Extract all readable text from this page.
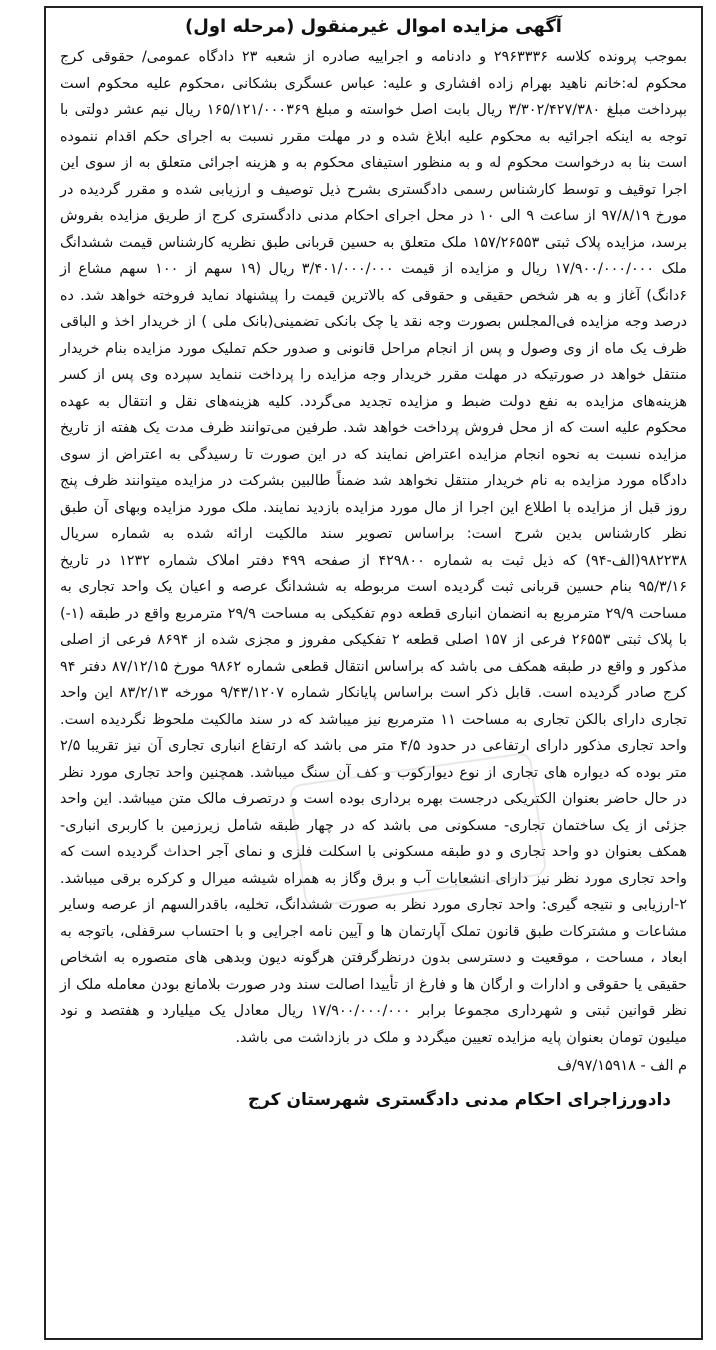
آگهی مزایده اموال غیرمنقول (مرحله اول)

بموجب پرونده کلاسه ۲۹۶۳۳۳۶ و دادنامه و اجراییه صادره از شعبه ۲۳ دادگاه عمومی/ حقوقی کرج محکوم له:خانم ناهید بهرام زاده افشاری و علیه: عباس عسگری بشکانی ،محکوم علیه محکوم است بپرداخت مبلغ ۳/۳۰۲/۴۲۷/۳۸۰ ریال بابت اصل خواسته و مبلغ ۱۶۵/۱۲۱/۰۰۰۳۶۹ ریال نیم عشر دولتی با توجه به اینکه اجرائیه به محکوم علیه ابلاغ شده و در مهلت مقرر نسبت به اجرای حکم اقدام ننموده است بنا به درخواست محکوم له و به منظور استیفای محکوم به و هزینه اجرائی متعلق به از سوی این اجرا توقیف و توسط کارشناس رسمی دادگستری بشرح ذیل توصیف و ارزیابی شده و مقرر گردیده در مورخ ۹۷/۸/۱۹ از ساعت ۹ الی ۱۰ در محل اجرای احکام مدنی دادگستری کرج از طریق مزایده بفروش برسد، مزایده پلاک ثبتی ۱۵۷/۲۶۵۵۳ ملک متعلق به حسین قربانی طبق نظریه کارشناس قیمت ششدانگ ملک ۱۷/۹۰۰/۰۰۰/۰۰۰ ریال و مزایده از قیمت ۳/۴۰۱/۰۰۰/۰۰۰ ریال (۱۹ سهم از ۱۰۰ سهم مشاع از ۶دانگ) آغاز و به هر شخص حقیقی و حقوقی که بالاترین قیمت را پیشنهاد نماید فروخته خواهد شد. ده درصد وجه مزایده فی‌المجلس بصورت وجه نقد یا چک بانکی تضمینی(بانک ملی ) از خریدار اخذ و الباقی ظرف یک ماه از وی وصول و پس از انجام مراحل قانونی و صدور حکم تملیک مورد مزایده بنام خریدار منتقل خواهد در صورتیکه در مهلت مقرر خریدار وجه مزایده را پرداخت ننماید سپرده وی پس از کسر هزینه‌های مزایده به نفع دولت ضبط و مزایده تجدید می‌گردد. کلیه هزینه‌های نقل و انتقال به عهده محکوم علیه است که از محل فروش پرداخت خواهد شد. طرفین می‌توانند ظرف مدت یک هفته از تاریخ مزایده نسبت به نحوه انجام مزایده اعتراض نمایند که در این صورت تا رسیدگی به اعتراض از سوی دادگاه مورد مزایده به نام خریدار منتقل نخواهد شد ضمناً طالبین بشرکت در مزایده میتوانند ظرف پنج روز قبل از مزایده با اطلاع این اجرا از مال مورد مزایده بازدید نمایند. ملک مورد مزایده وبهای آن طبق نظر کارشناس بدین شرح است: براساس تصویر سند مالکیت ارائه شده به شماره سریال ۹۸۲۲۳۸(الف-۹۴) که ذیل ثبت به شماره ۴۲۹۸۰۰ از صفحه ۴۹۹ دفتر املاک شماره ۱۲۳۲ در تاریخ ۹۵/۳/۱۶ بنام حسین قربانی ثبت گردیده است مربوطه به ششدانگ عرصه و اعیان یک واحد تجاری به مساحت ۲۹/۹ مترمربع به انضمان انباری قطعه دوم تفکیکی به مساحت ۲۹/۹ مترمربع واقع در طبقه (۱-) با پلاک ثبتی ۲۶۵۵۳ فرعی از ۱۵۷ اصلی قطعه ۲ تفکیکی مفروز و مجزی شده از ۸۶۹۴ فرعی از اصلی مذکور و واقع در طبقه همکف می باشد که براساس انتقال قطعی شماره ۹۸۶۲ مورخ ۸۷/۱۲/۱۵ دفتر ۹۴ کرج صادر گردیده است. قابل ذکر است براساس پایانکار شماره ۹/۴۳/۱۲۰۷ مورخه ۸۳/۲/۱۳ این واحد تجاری دارای بالکن تجاری به مساحت ۱۱ مترمربع نیز میباشد که در سند مالکیت ملحوظ نگردیده است. واحد تجاری مذکور دارای ارتفاعی در حدود ۴/۵ متر می باشد که ارتفاع انباری تجاری آن نیز تقریبا ۲/۵ متر بوده که دیواره های تجاری از نوع دیوارکوب و کف آن سنگ میباشد. همچنین واحد تجاری مورد نظر در حال حاضر بعنوان الکتریکی درجست بهره برداری بوده است و درتصرف مالک متن میباشد. این واحد جزئی از یک ساختمان تجاری- مسکونی می باشد که در چهار طبقه شامل زیرزمین با کاربری انباری- همکف بعنوان دو واحد تجاری و دو طبقه مسکونی با اسکلت فلزی و نمای آجر احداث گردیده است که واحد تجاری مورد نظر نیز دارای انشعابات آب و برق وگاز به همراه شیشه میرال و کرکره برقی میباشد. ۲-ارزیابی و نتیجه گیری: واحد تجاری مورد نظر به صورت ششدانگ، تخلیه، باقدرالسهم از عرصه وسایر مشاعات و مشترکات طبق قانون تملک آپارتمان ها و آیین نامه اجرایی و با احتساب سرقفلی، باتوجه به ابعاد ، مساحت ، موقعیت و دسترسی بدون درنظرگرفتن هرگونه دیون وبدهی های متصوره به اشخاص حقیقی یا حقوقی و ادارات و ارگان ها و فارغ از تأییدا اصالت سند ودر صورت بلامانع بودن معامله ملک از نظر قوانین ثبتی و شهرداری مجموعا برابر ۱۷/۹۰۰/۰۰۰/۰۰۰ ریال معادل یک میلیارد و هفتصد و نود میلیون تومان بعنوان پایه مزایده تعیین میگردد و ملک در بازداشت می باشد.

م الف - ۹۷/۱۵۹۱۸/ف

دادورزاجرای احکام مدنی دادگستری شهرستان کرج
